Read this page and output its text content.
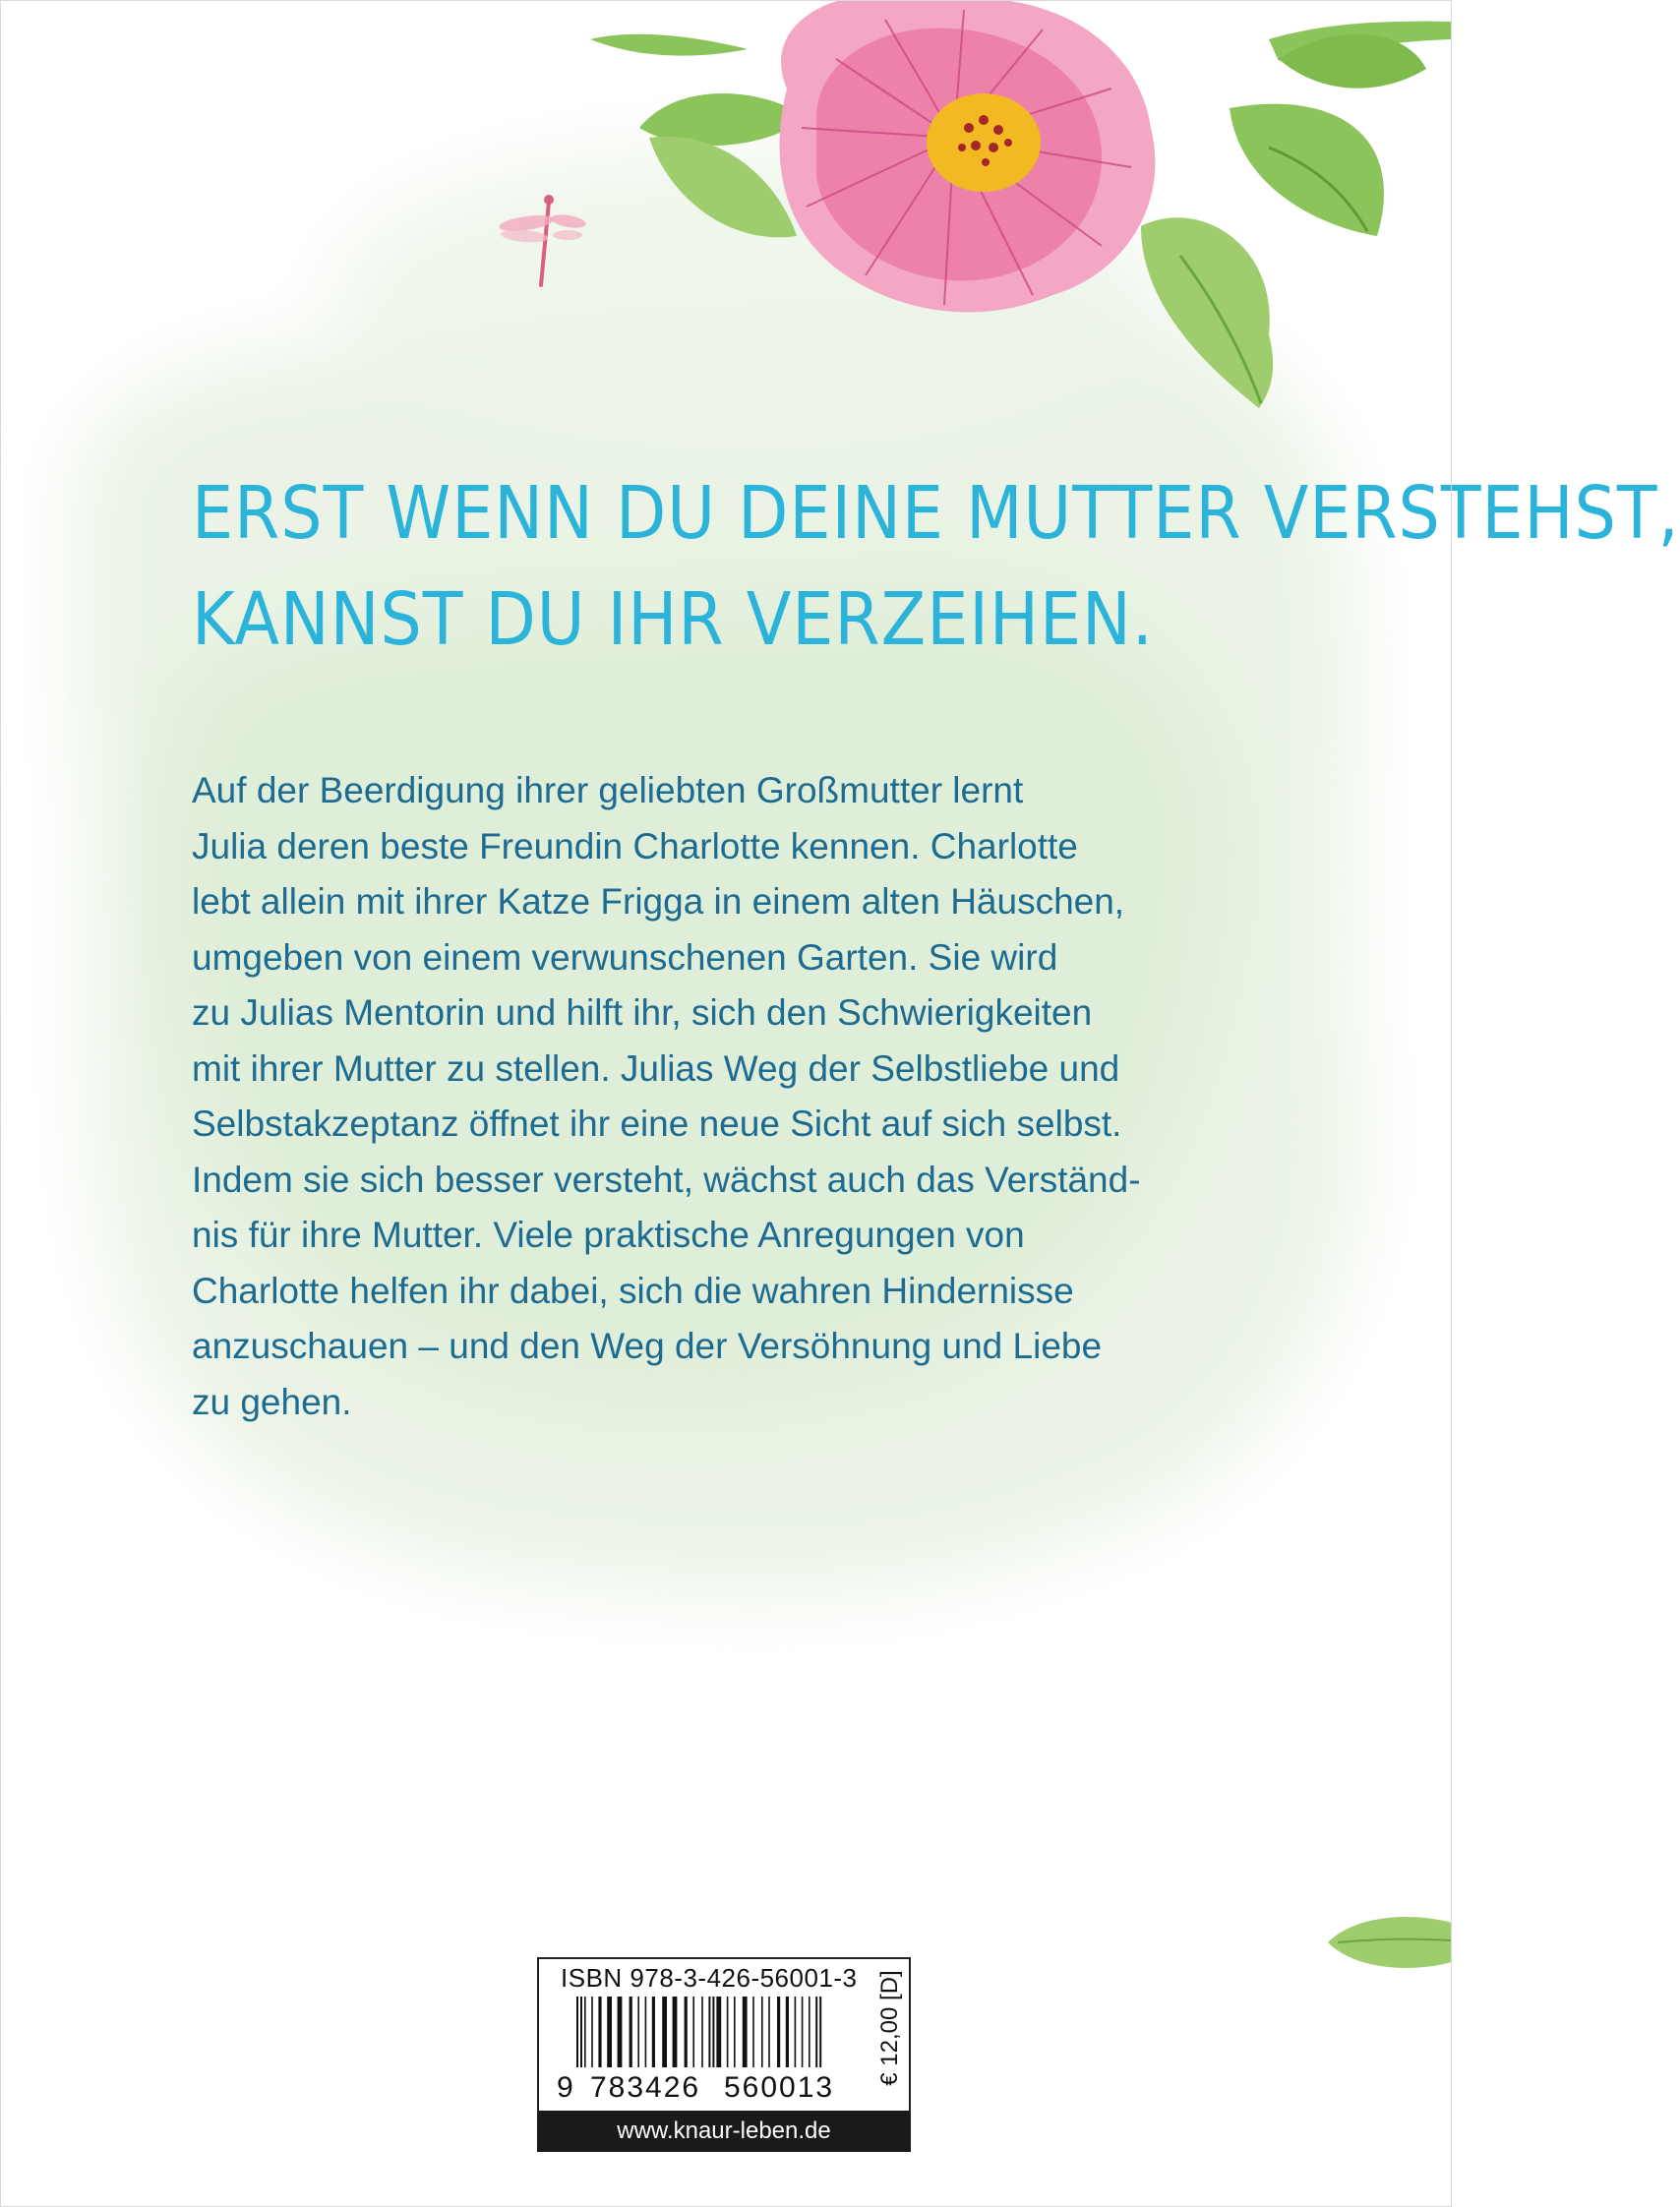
ERST WENN DU DEINE MUTTER VERSTEHST,
KANNST DU IHR VERZEIHEN.

Auf der Beerdigung ihrer geliebten Großmutter lernt
Julia deren beste Freundin Charlotte kennen. Charlotte
lebt allein mit ihrer Katze Frigga in einem alten Häuschen,
umgeben von einem verwunschenen Garten. Sie wird
zu Julias Mentorin und hilft ihr, sich den Schwierigkeiten
mit ihrer Mutter zu stellen. Julias Weg der Selbstliebe und
Selbstakzeptanz öffnet ihr eine neue Sicht auf sich selbst.
Indem sie sich besser versteht, wächst auch das Verständ-
nis für ihre Mutter. Viele praktische Anregungen von
Charlotte helfen ihr dabei, sich die wahren Hindernisse
anzuschauen – und den Weg der Versöhnung und Liebe
zu gehen.

ISBN 978-3-426-56001-3
9 783426 560013
€ 12,00 [D]
www.knaur-leben.de
